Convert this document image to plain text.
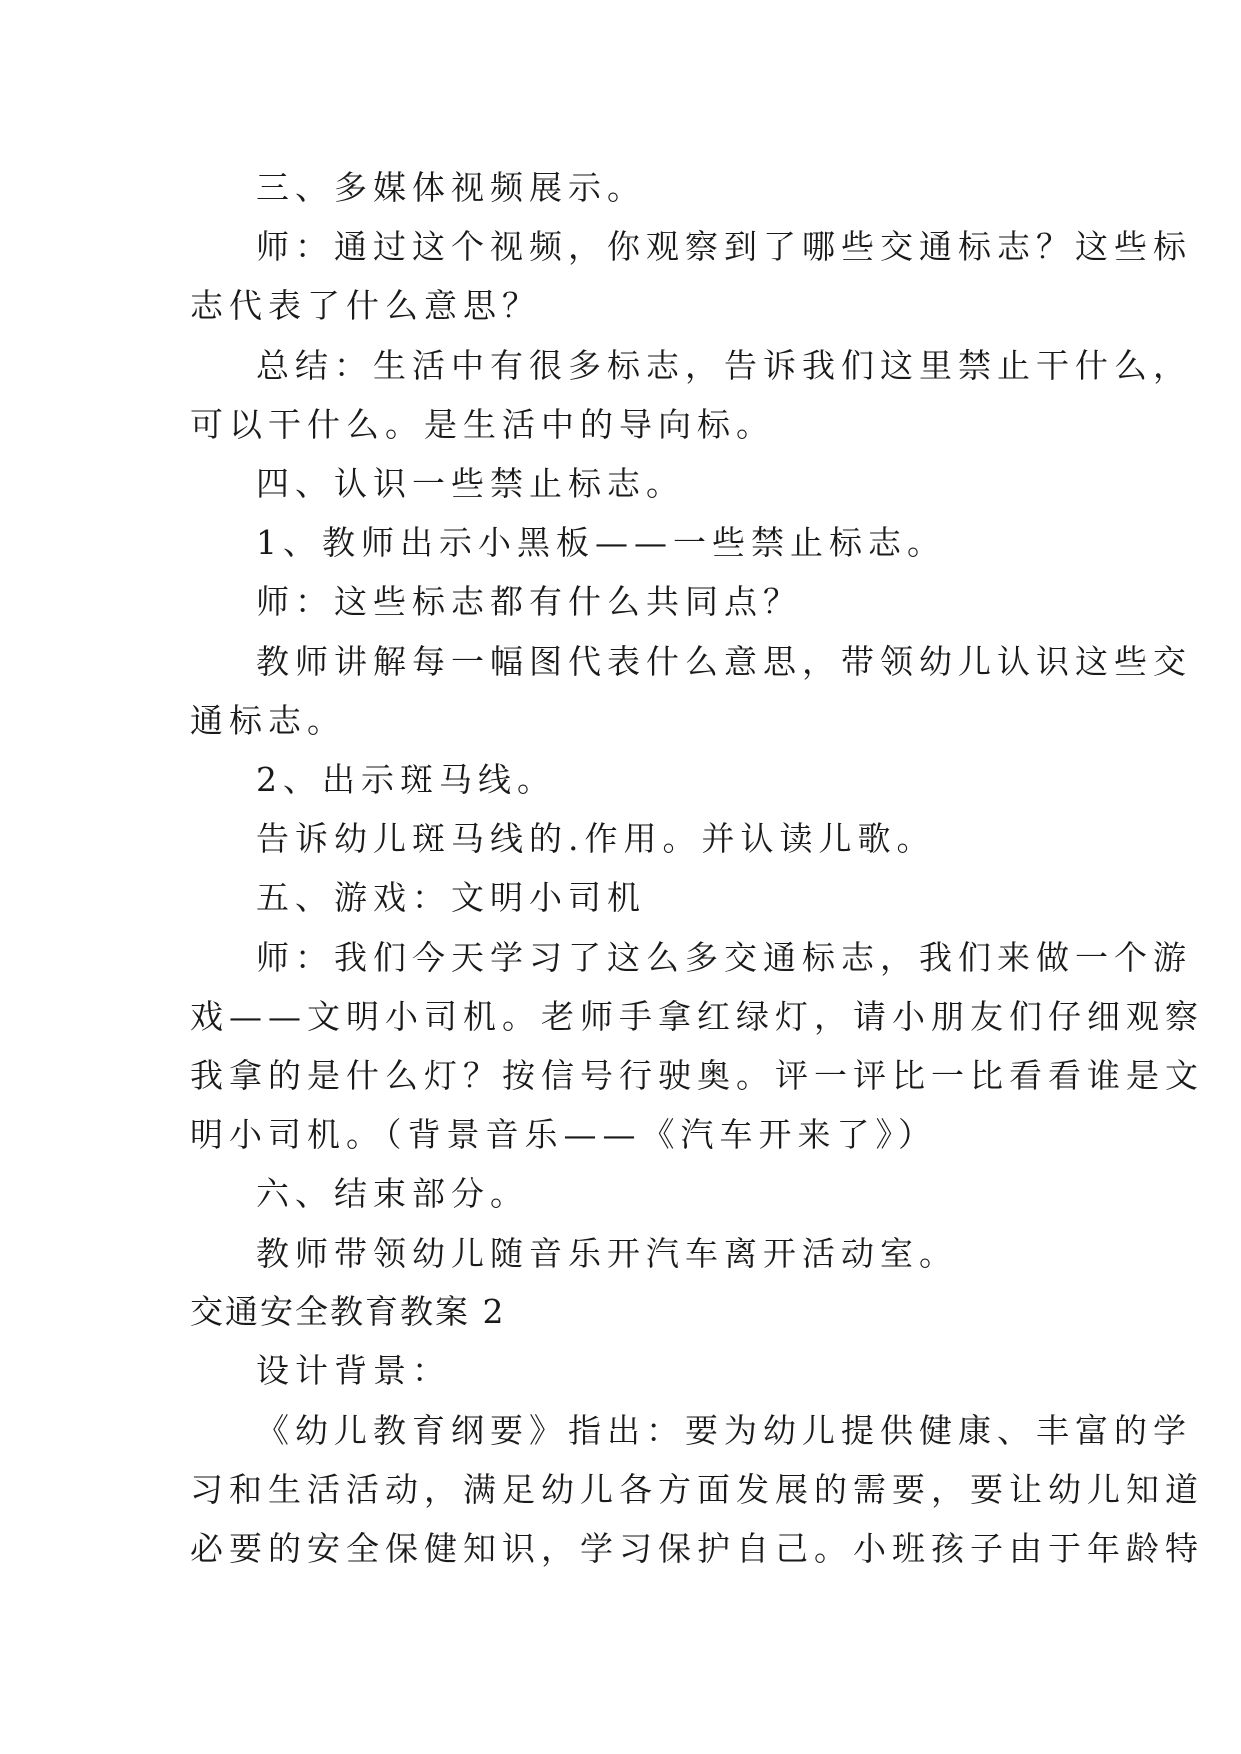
三、多媒体视频展示。
师：通过这个视频，你观察到了哪些交通标志？这些标
志代表了什么意思？
总结：生活中有很多标志，告诉我们这里禁止干什么，
可以干什么。是生活中的导向标。
四、认识一些禁止标志。
1、教师出示小黑板——一些禁止标志。
师：这些标志都有什么共同点？
教师讲解每一幅图代表什么意思，带领幼儿认识这些交
通标志。
2、出示斑马线。
告诉幼儿斑马线的.作用。并认读儿歌。
五、游戏：文明小司机
师：我们今天学习了这么多交通标志，我们来做一个游
戏——文明小司机。老师手拿红绿灯，请小朋友们仔细观察
我拿的是什么灯？按信号行驶奥。评一评比一比看看谁是文
明小司机。（背景音乐——《汽车开来了》）
六、结束部分。
教师带领幼儿随音乐开汽车离开活动室。
交通安全教育教案 2
设计背景：
《幼儿教育纲要》指出：要为幼儿提供健康、丰富的学
习和生活活动，满足幼儿各方面发展的需要，要让幼儿知道
必要的安全保健知识，学习保护自己。小班孩子由于年龄特
